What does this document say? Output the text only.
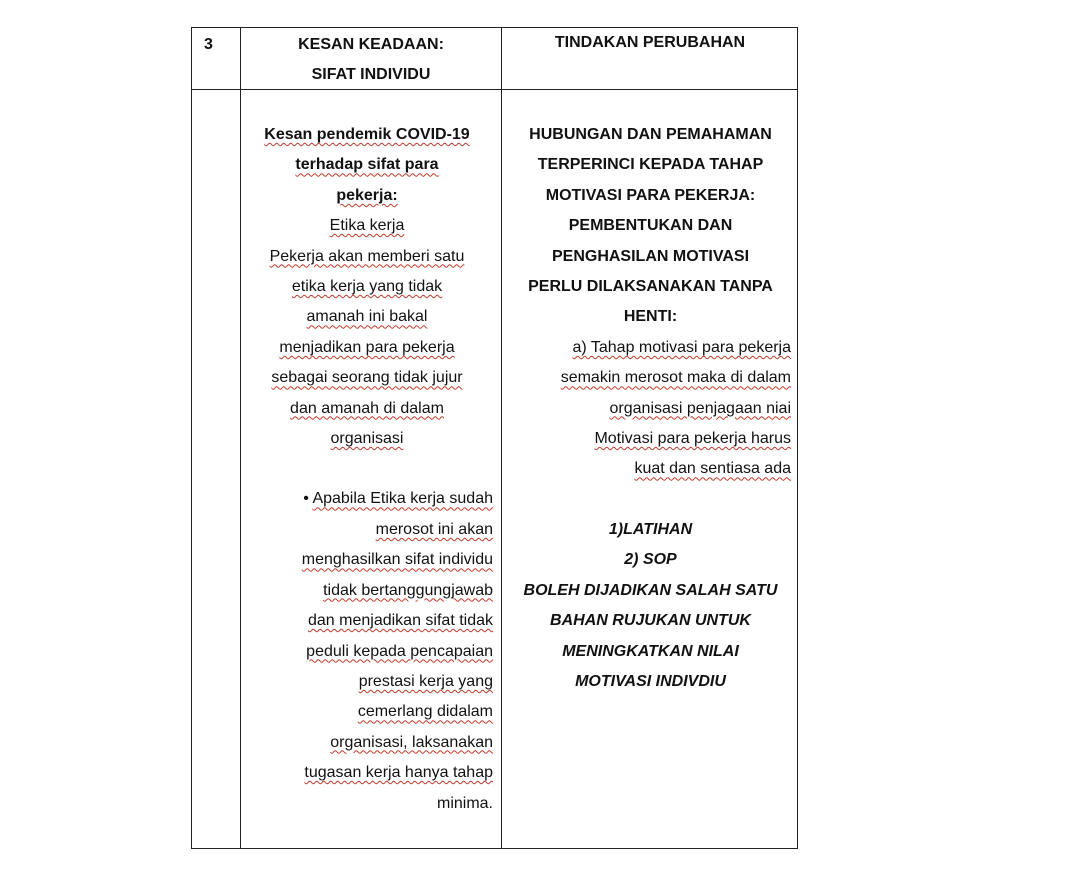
3	KESAN KEADAAN:
SIFAT INDIVIDU
TINDAKAN PERUBAHAN
Kesan pendemik COVID-19
terhadap sifat para
pekerja:
Etika kerja
Pekerja akan memberi satu
etika kerja yang tidak
amanah ini bakal
menjadikan para pekerja
sebagai seorang tidak jujur
dan amanah di dalam
organisasi
• Apabila Etika kerja sudah
merosot ini akan
menghasilkan sifat individu
tidak bertanggungjawab
dan menjadikan sifat tidak
peduli kepada pencapaian
prestasi kerja yang
cemerlang didalam
organisasi, laksanakan
tugasan kerja hanya tahap
minima.
HUBUNGAN DAN PEMAHAMAN
TERPERINCI KEPADA TAHAP
MOTIVASI PARA PEKERJA:
PEMBENTUKAN DAN
PENGHASILAN MOTIVASI
PERLU DILAKSANAKAN TANPA
HENTI:
a) Tahap motivasi para pekerja
semakin merosot maka di dalam
organisasi penjagaan niai
Motivasi para pekerja harus
kuat dan sentiasa ada
1)LATIHAN
2) SOP
BOLEH DIJADIKAN SALAH SATU
BAHAN RUJUKAN UNTUK
MENINGKATKAN NILAI
MOTIVASI INDIVDIU
